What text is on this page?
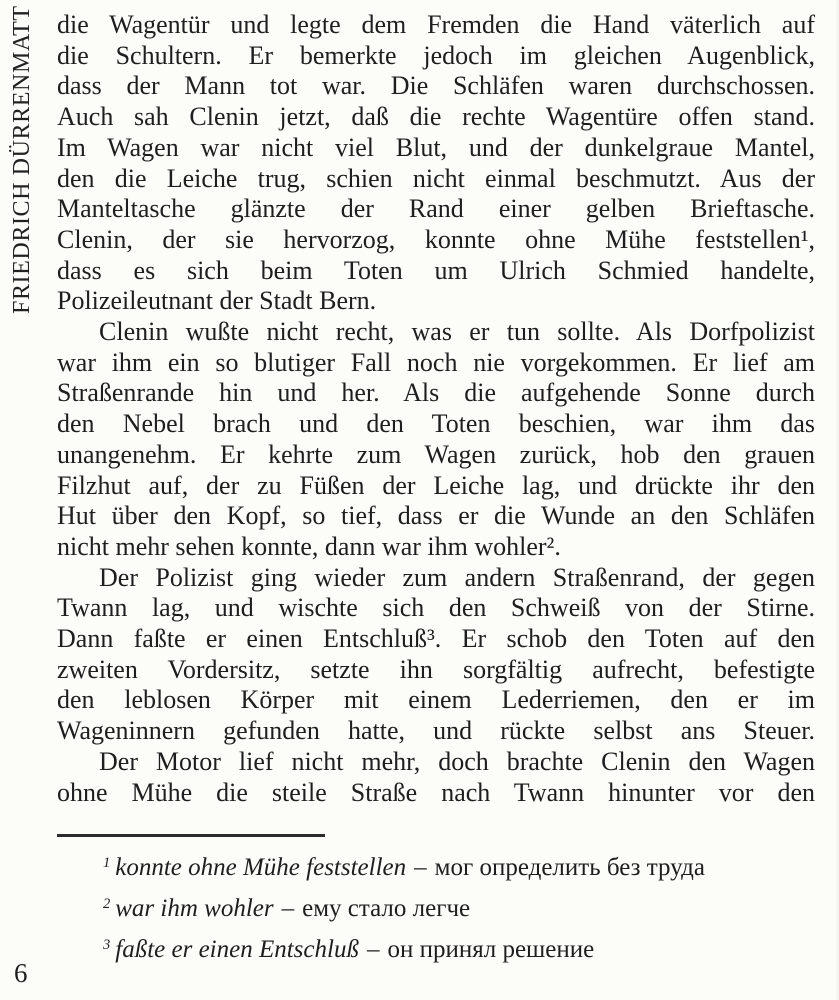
FRIEDRICH DÜRRENMATT die Wagentür und legte dem Fremden die Hand väterlich auf
die Schultern. Er bemerkte jedoch im gleichen Augenblick,
dass der Mann tot war. Die Schläfen waren durchschossen.
Auch sah Clenin jetzt, daß die rechte Wagentüre offen stand.
Im Wagen war nicht viel Blut, und der dunkelgraue Mantel,
den die Leiche trug, schien nicht einmal beschmutzt. Aus der
Manteltasche glänzte der Rand einer gelben Brieftasche.
Clenin, der sie hervorzog, konnte ohne Mühe feststellen¹,
dass es sich beim Toten um Ulrich Schmied handelte,
Polizeileutnant der Stadt Bern.
Clenin wußte nicht recht, was er tun sollte. Als Dorfpolizist
war ihm ein so blutiger Fall noch nie vorgekommen. Er lief am
Straßenrande hin und her. Als die aufgehende Sonne durch
den Nebel brach und den Toten beschien, war ihm das
unangenehm. Er kehrte zum Wagen zurück, hob den grauen
Filzhut auf, der zu Füßen der Leiche lag, und drückte ihr den
Hut über den Kopf, so tief, dass er die Wunde an den Schläfen
nicht mehr sehen konnte, dann war ihm wohler².
Der Polizist ging wieder zum andern Straßenrand, der gegen
Twann lag, und wischte sich den Schweiß von der Stirne.
Dann faßte er einen Entschluß³. Er schob den Toten auf den
zweiten Vordersitz, setzte ihn sorgfältig aufrecht, befestigte
den leblosen Körper mit einem Lederriemen, den er im
Wageninnern gefunden hatte, und rückte selbst ans Steuer.
Der Motor lief nicht mehr, doch brachte Clenin den Wagen
ohne Mühe die steile Straße nach Twann hinunter vor den
$^1$ konnte ohne Mühe feststellen – мог определить без труда
$^2$ war ihm wohler – ему стало легче
$^3$ faßte er einen Entschluß – он принял решение
6
